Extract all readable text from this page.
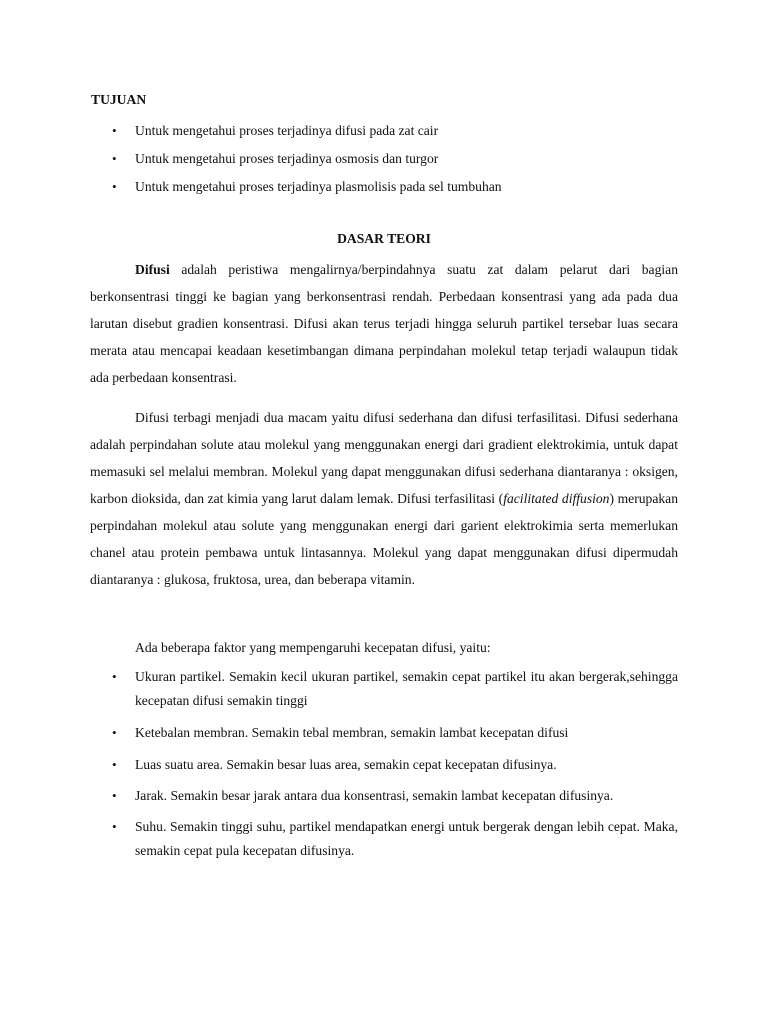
TUJUAN
• Untuk mengetahui proses terjadinya difusi pada zat cair
• Untuk mengetahui proses terjadinya osmosis dan turgor
• Untuk mengetahui proses terjadinya plasmolisis pada sel tumbuhan
DASAR TEORI

Difusi adalah peristiwa mengalirnya/berpindahnya suatu zat dalam pelarut dari bagian berkonsentrasi tinggi ke bagian yang berkonsentrasi rendah. Perbedaan konsentrasi yang ada pada dua larutan disebut gradien konsentrasi. Difusi akan terus terjadi hingga seluruh partikel tersebar luas secara merata atau mencapai keadaan kesetimbangan dimana perpindahan molekul tetap terjadi walaupun tidak ada perbedaan konsentrasi.

Difusi terbagi menjadi dua macam yaitu difusi sederhana dan difusi terfasilitasi. Difusi sederhana adalah perpindahan solute atau molekul yang menggunakan energi dari gradient elektrokimia, untuk dapat memasuki sel melalui membran. Molekul yang dapat menggunakan difusi sederhana diantaranya : oksigen, karbon dioksida, dan zat kimia yang larut dalam lemak. Difusi terfasilitasi (facilitated diffusion) merupakan perpindahan molekul atau solute yang menggunakan energi dari garient elektrokimia serta memerlukan chanel atau protein pembawa untuk lintasannya. Molekul yang dapat menggunakan difusi dipermudah diantaranya : glukosa, fruktosa, urea, dan beberapa vitamin.

Ada beberapa faktor yang mempengaruhi kecepatan difusi, yaitu:
• Ukuran partikel. Semakin kecil ukuran partikel, semakin cepat partikel itu akan bergerak,sehingga kecepatan difusi semakin tinggi
• Ketebalan membran. Semakin tebal membran, semakin lambat kecepatan difusi
• Luas suatu area. Semakin besar luas area, semakin cepat kecepatan difusinya.
• Jarak. Semakin besar jarak antara dua konsentrasi, semakin lambat kecepatan difusinya.
• Suhu. Semakin tinggi suhu, partikel mendapatkan energi untuk bergerak dengan lebih cepat. Maka, semakin cepat pula kecepatan difusinya.
